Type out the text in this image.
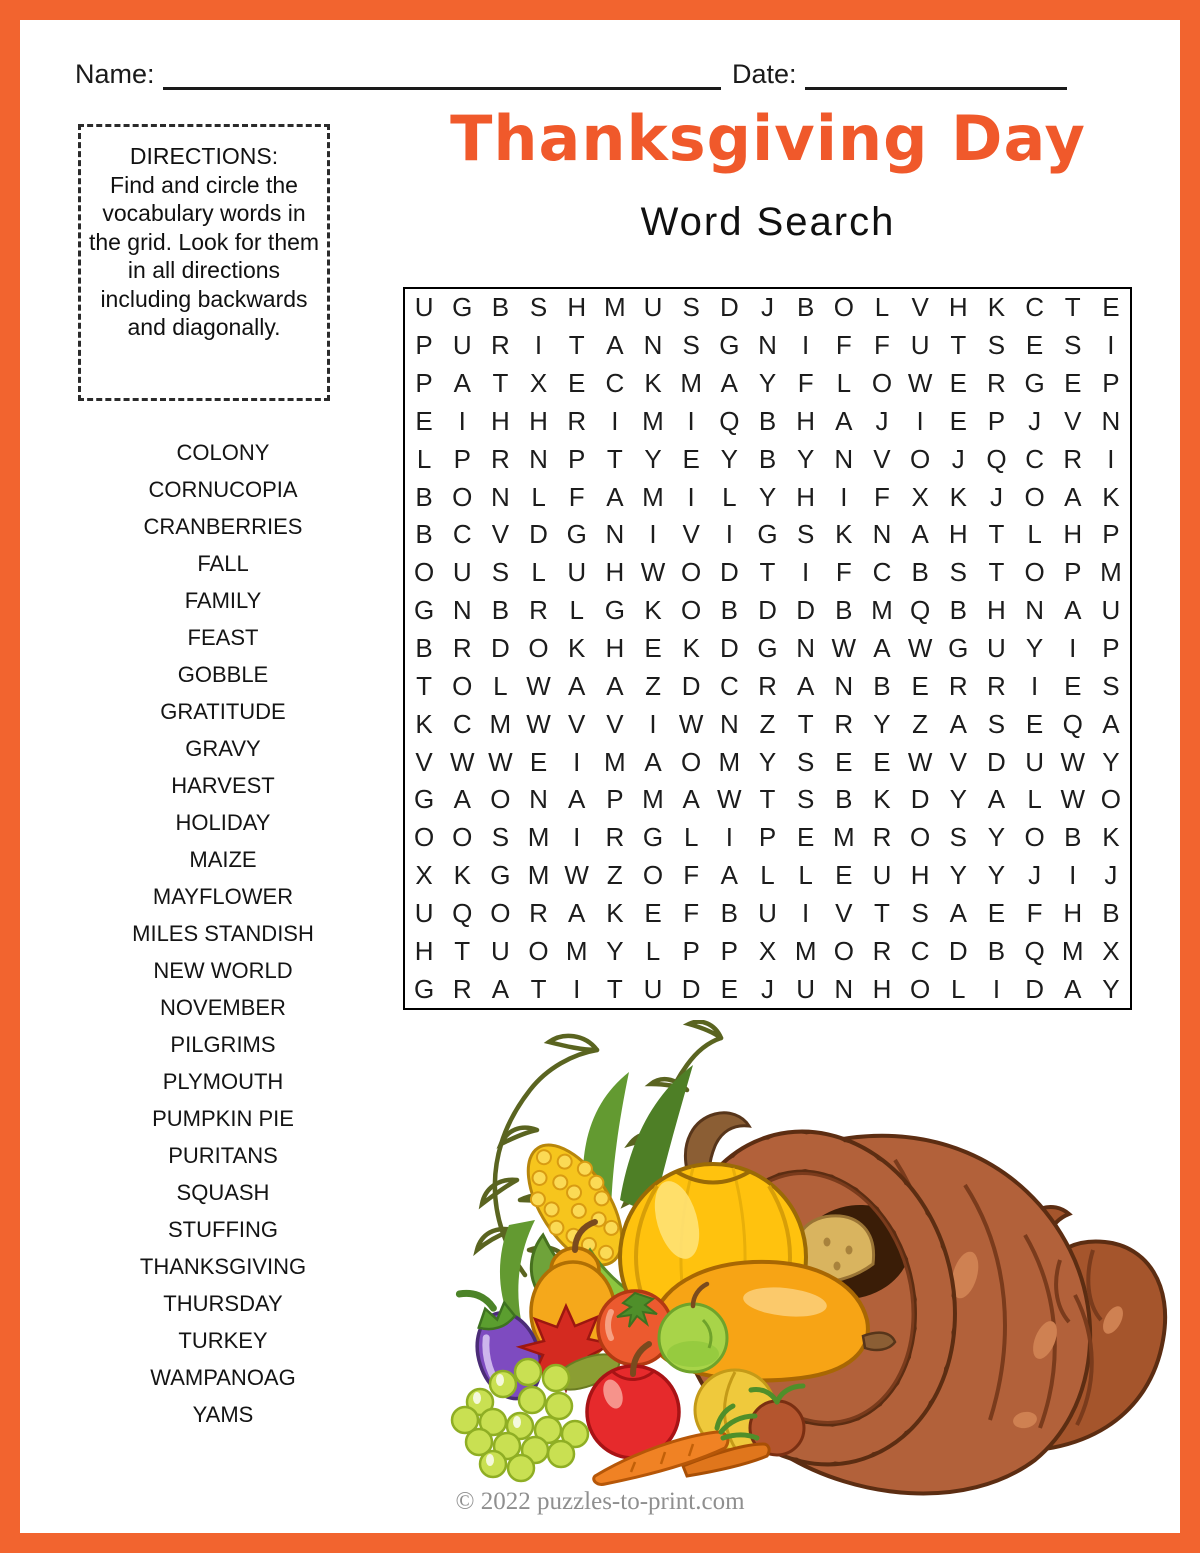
Name:	Date:
Thanksgiving Day
Word Search
DIRECTIONS:
Find and circle the vocabulary words in the grid. Look for them in all directions including backwards and diagonally.
COLONY
CORNUCOPIA
CRANBERRIES
FALL
FAMILY
FEAST
GOBBLE
GRATITUDE
GRAVY
HARVEST
HOLIDAY
MAIZE
MAYFLOWER
MILES STANDISH
NEW WORLD
NOVEMBER
PILGRIMS
PLYMOUTH
PUMPKIN PIE
PURITANS
SQUASH
STUFFING
THANKSGIVING
THURSDAY
TURKEY
WAMPANOAG
YAMS
U G B S H M U S D J B O L V H K C T E
P U R I	T A N S G N I	F F U T S E S I
P A T X E C K M A Y F L O W E R G E P
E I H H R I M I Q B H A J	I E P J V N
L P R N P T Y E Y B Y N V O J Q C R I
B O N L F A M I	L Y H I	F X K J O A K
B C V D G N I V I G S K N A H T L H P
O U S L U H W O D T	I	F C B S T O P M
G N B R L G K O B D D B M Q B H N A U
B R D O K H E K D G N W A W G U Y I P
T O L W A A Z D C R A N B E R R I E S
K C M W V V I W N Z T R Y Z A S E Q A
V W W E I M A O M Y S E E W V D U W Y
G A O N A P M A W T S B K D Y A L W O
O O S M I R G L	I P E M R O S Y O B K
X K G M W Z O F A L L E U H Y Y J	I	J
U Q O R A K E F B U I V T S A E F H B
H T U O M Y L P P X M O R C D B Q M X
G R A T	I	T U D E J U N H O L	I D A Y
© 2022 puzzles-to-print.com
